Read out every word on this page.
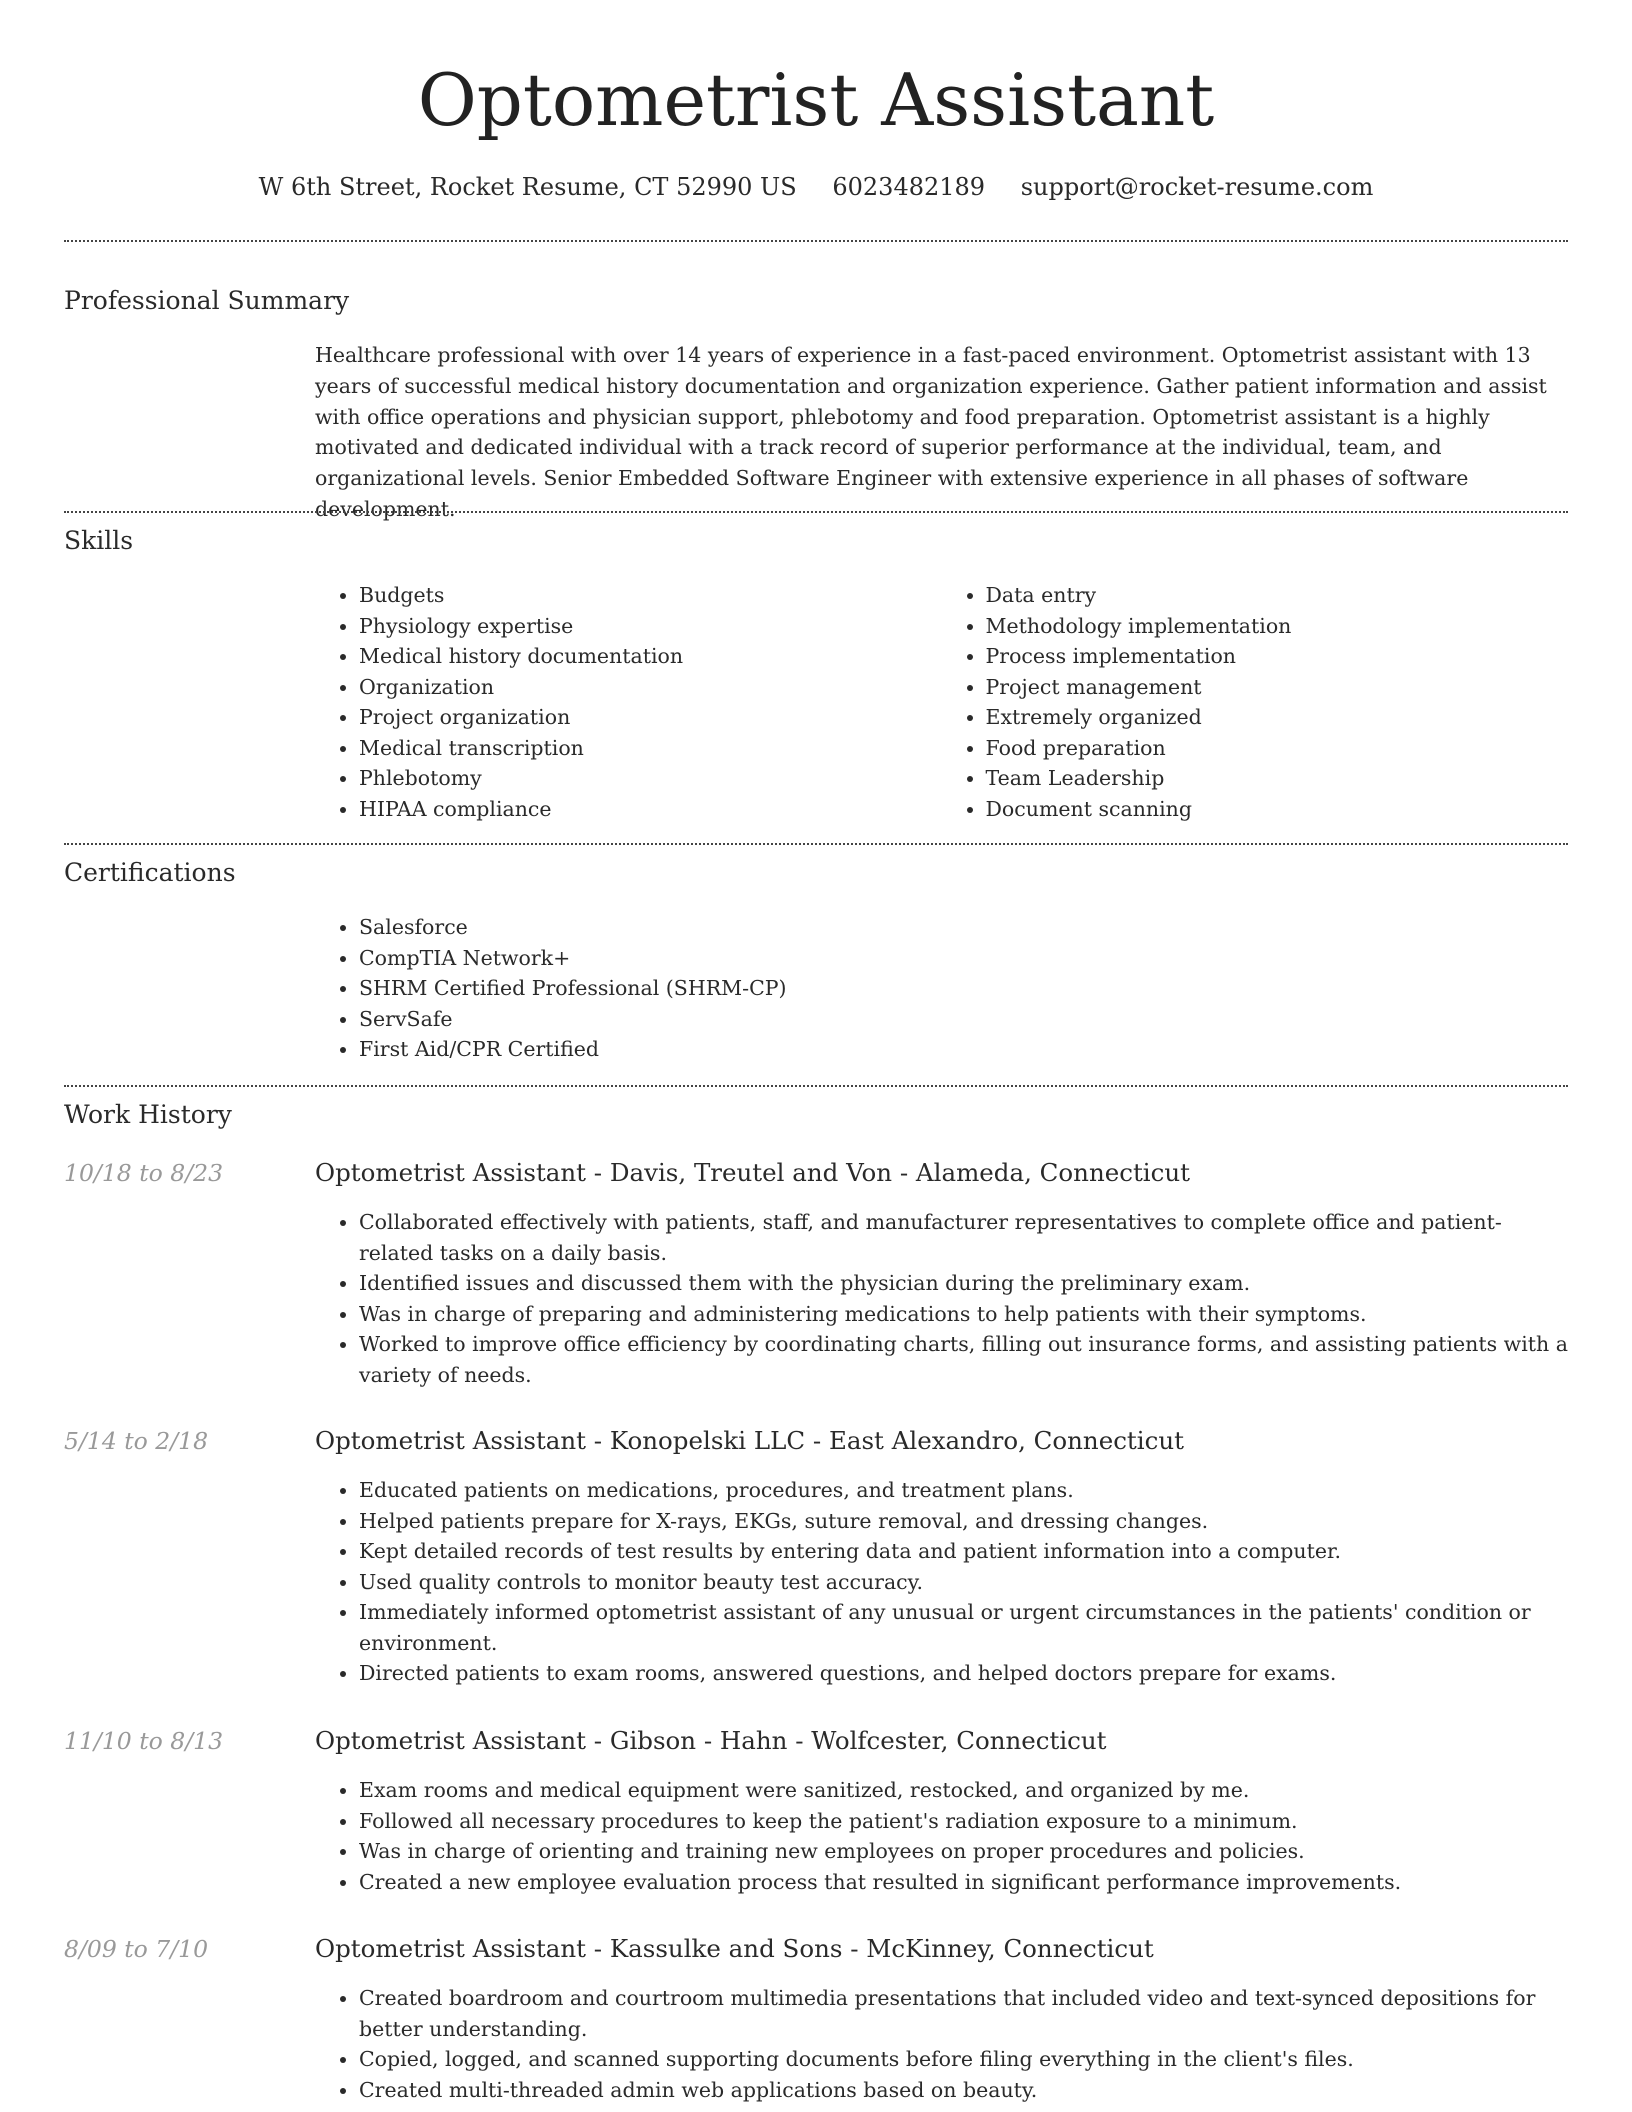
Optometrist Assistant
W 6th Street, Rocket Resume, CT 52990 US 6023482189 support@rocket-resume.com
Professional Summary
Healthcare professional with over 14 years of experience in a fast-paced environment. Optometrist assistant with 13 years of successful medical history documentation and organization experience. Gather patient information and assist with office operations and physician support, phlebotomy and food preparation. Optometrist assistant is a highly motivated and dedicated individual with a track record of superior performance at the individual, team, and organizational levels. Senior Embedded Software Engineer with extensive experience in all phases of software development.
Skills
• Budgets
• Physiology expertise
• Medical history documentation
• Organization
• Project organization
• Medical transcription
• Phlebotomy
• HIPAA compliance
• Data entry
• Methodology implementation
• Process implementation
• Project management
• Extremely organized
• Food preparation
• Team Leadership
• Document scanning
Certifications
• Salesforce
• CompTIA Network+
• SHRM Certified Professional (SHRM-CP)
• ServSafe
• First Aid/CPR Certified
Work History
10/18 to 8/23	Optometrist Assistant - Davis, Treutel and Von - Alameda, Connecticut
• Collaborated effectively with patients, staff, and manufacturer representatives to complete office and patient-related tasks on a daily basis.
• Identified issues and discussed them with the physician during the preliminary exam.
• Was in charge of preparing and administering medications to help patients with their symptoms.
• Worked to improve office efficiency by coordinating charts, filling out insurance forms, and assisting patients with a variety of needs.
5/14 to 2/18	Optometrist Assistant - Konopelski LLC - East Alexandro, Connecticut
• Educated patients on medications, procedures, and treatment plans.
• Helped patients prepare for X-rays, EKGs, suture removal, and dressing changes.
• Kept detailed records of test results by entering data and patient information into a computer.
• Used quality controls to monitor beauty test accuracy.
• Immediately informed optometrist assistant of any unusual or urgent circumstances in the patients' condition or environment.
• Directed patients to exam rooms, answered questions, and helped doctors prepare for exams.
11/10 to 8/13	Optometrist Assistant - Gibson - Hahn - Wolfcester, Connecticut
• Exam rooms and medical equipment were sanitized, restocked, and organized by me.
• Followed all necessary procedures to keep the patient's radiation exposure to a minimum.
• Was in charge of orienting and training new employees on proper procedures and policies.
• Created a new employee evaluation process that resulted in significant performance improvements.
8/09 to 7/10	Optometrist Assistant - Kassulke and Sons - McKinney, Connecticut
• Created boardroom and courtroom multimedia presentations that included video and text-synced depositions for better understanding.
• Copied, logged, and scanned supporting documents before filing everything in the client's files.
• Created multi-threaded admin web applications based on beauty.
